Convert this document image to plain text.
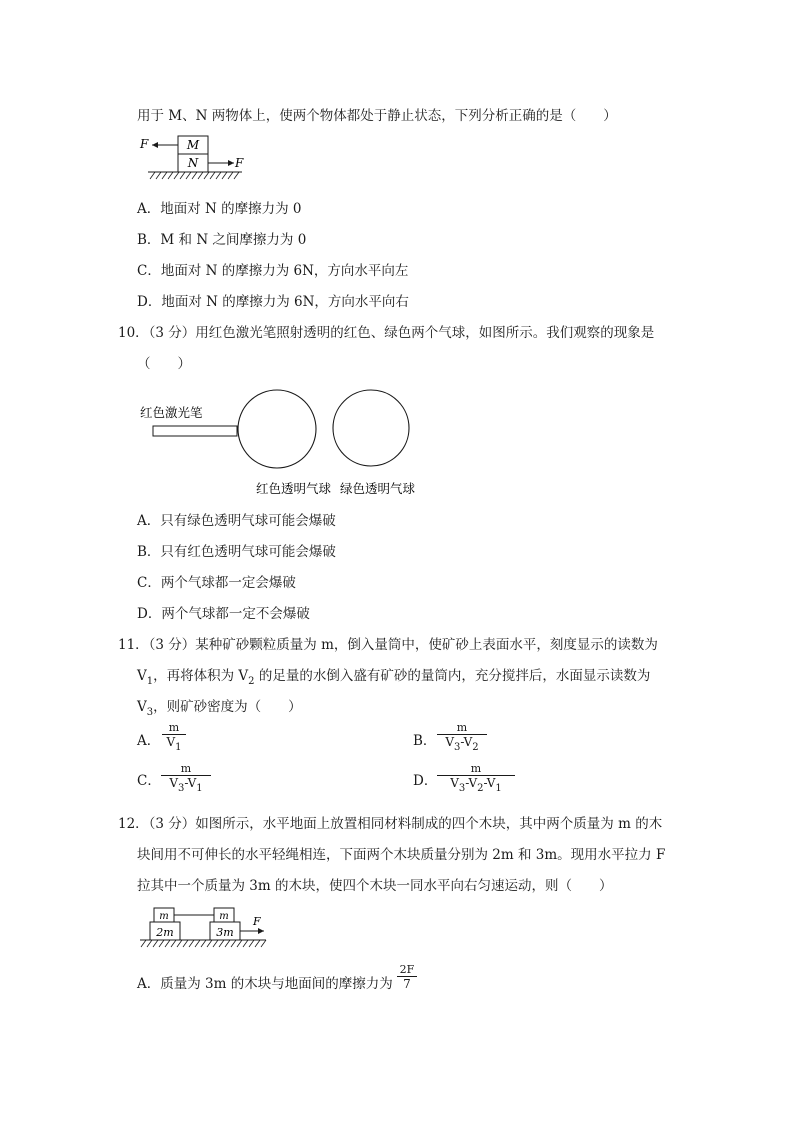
用于 M、N 两物体上，使两个物体都处于静止状态，下列分析正确的是（　　）
M
N
F
F
A．地面对 N 的摩擦力为 0
B．M 和 N 之间摩擦力为 0
C．地面对 N 的摩擦力为 6N，方向水平向左
D．地面对 N 的摩擦力为 6N，方向水平向右
10．（3 分）用红色激光笔照射透明的红色、绿色两个气球，如图所示。我们观察的现象是
（　　）
红色激光笔
红色透明气球 绿色透明气球
A．只有绿色透明气球可能会爆破
B．只有红色透明气球可能会爆破
C．两个气球都一定会爆破
D．两个气球都一定不会爆破
11．（3 分）某种矿砂颗粒质量为 m，倒入量筒中，使矿砂上表面水平，刻度显示的读数为
$V_1$，再将体积为 $V_2$ 的足量的水倒入盛有矿砂的量筒内，充分搅拌后，水面显示读数为
$V_3$，则矿砂密度为（　　）
A．
m
$V_1$	B．
m
$V_3-V_2$
C．
m
$V_3-V_1$	D．
m
$V_3-V_2-V_1$
12．（3 分）如图所示，水平地面上放置相同材料制成的四个木块，其中两个质量为 m 的木
块间用不可伸长的水平轻绳相连，下面两个木块质量分别为 2m 和 3m。现用水平拉力 F
拉其中一个质量为 3m 的木块，使四个木块一同水平向右匀速运动，则（　　）
m	m
2m	3m
F
A．质量为 3m 的木块与地面间的摩擦力为
2F
7
